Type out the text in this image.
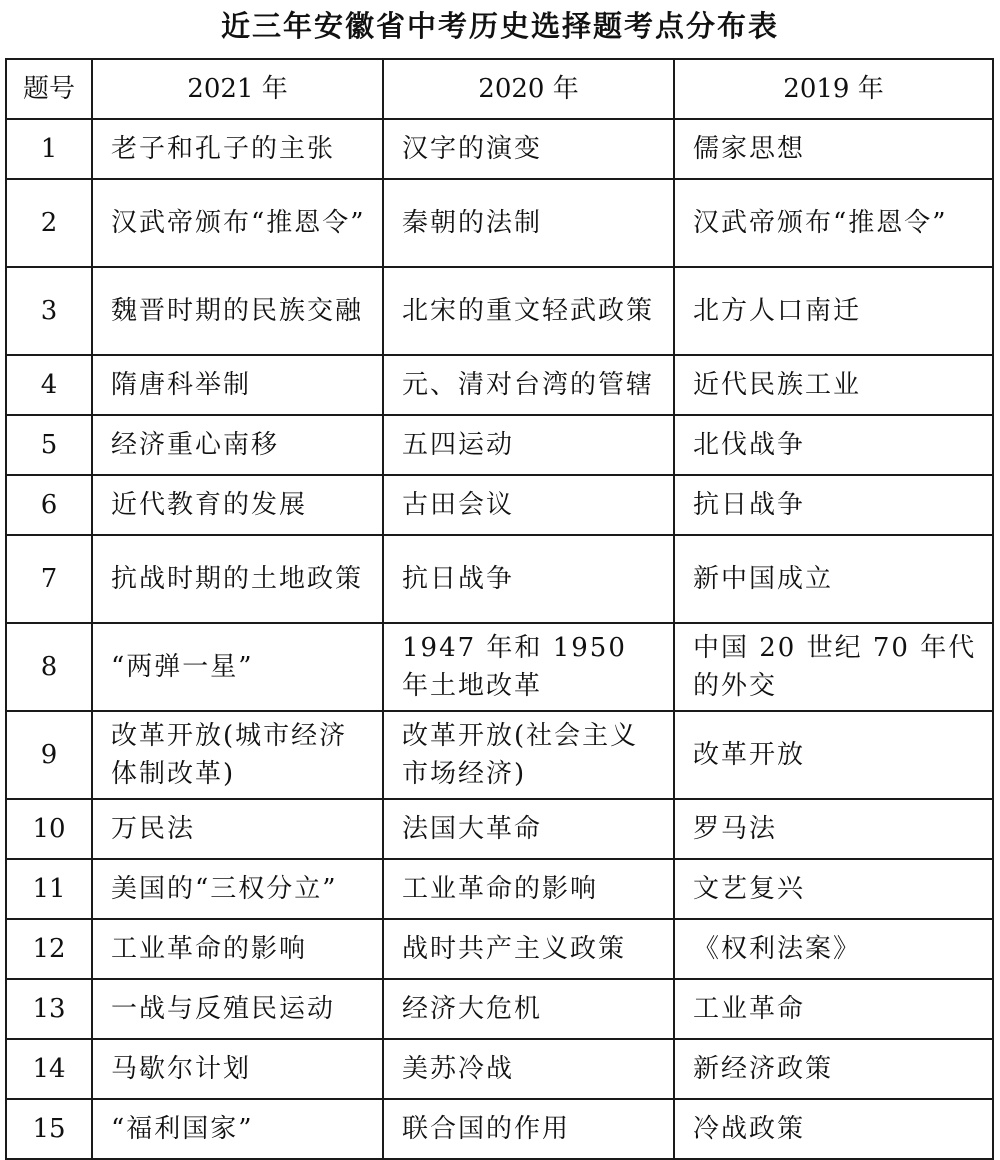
近三年安徽省中考历史选择题考点分布表
题号	2021 年	2020 年	2019 年
1	老子和孔子的主张	汉字的演变	儒家思想
2	汉武帝颁布“推恩令”	秦朝的法制	汉武帝颁布“推恩令”
3	魏晋时期的民族交融	北宋的重文轻武政策	北方人口南迁
4	隋唐科举制	元、清对台湾的管辖	近代民族工业
5	经济重心南移	五四运动	北伐战争
6	近代教育的发展	古田会议	抗日战争
7	抗战时期的土地政策	抗日战争	新中国成立
8	“两弹一星”	1947 年和 1950 年土地改革	中国 20 世纪 70 年代的外交
9	改革开放(城市经济体制改革)	改革开放(社会主义市场经济)	改革开放
10	万民法	法国大革命	罗马法
11	美国的“三权分立”	工业革命的影响	文艺复兴
12	工业革命的影响	战时共产主义政策	《权利法案》
13	一战与反殖民运动	经济大危机	工业革命
14	马歇尔计划	美苏冷战	新经济政策
15	“福利国家”	联合国的作用	冷战政策
